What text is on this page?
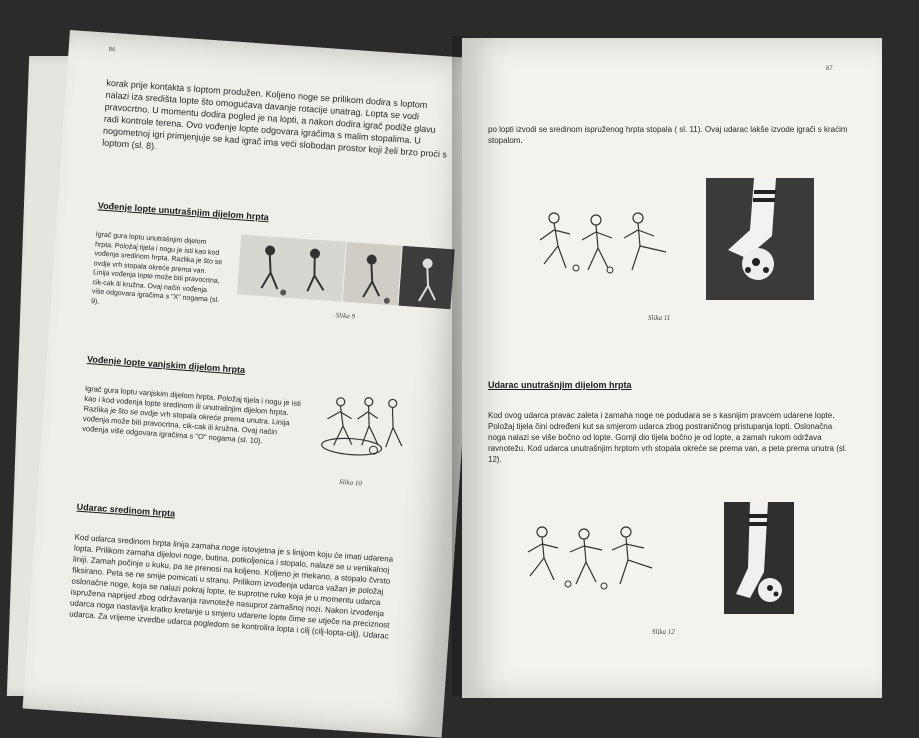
86
korak prije kontakta s loptom produžen. Koljeno noge se prilikom dodira s loptom nalazi iza središta lopte što omogućava davanje rotacije unatrag. Lopta se vodi pravocrtno. U momentu dodira pogled je na lopti, a nakon dodira igrač podiže glavu radi kontrole terena. Ovo vođenje lopte odgovara igračima s malim stopalima. U nogometnoj igri primjenjuje se kad igrač ima veći slobodan prostor koji želi brzo proći s loptom (sl. 8).
Vođenje lopte unutrašnjim dijelom hrpta
Igrač gura loptu unutrašnjim dijelom hrpta. Položaj tijela i nogu je isti kao kod vođenja sredinom hrpta. Razlika je što se ovdje vrh stopala okreće prema van. Linija vođenja lopte može biti pravocrtna, cik-cak ili kružna. Ovaj način vođenja više odgovara igračima s "X" nogama (sl. 9).
Slika 9
Vođenje lopte vanjskim dijelom hrpta
Igrač gura loptu vanjskim dijelom hrpta. Položaj tijela i nogu je isti kao i kod vođenja lopte sredinom ili unutrašnjim dijelom hrpta. Razlika je što se ovdje vrh stopala okreće prema unutra. Linija vođenja može biti pravocrtna, cik-cak ili kružna. Ovaj način vođenja više odgovara igračima s "O" nogama (sl. 10).
Slika 10
Udarac sredinom hrpta
Kod udarca sredinom hrpta linija zamaha noge istovjetna je s linijom koju će imati udarena lopta. Prilikom zamaha dijelovi noge, butina, potkoljenica i stopalo, nalaze se u vertikalnoj liniji. Zamah počinje u kuku, pa se prenosi na koljeno. Koljeno je mekano, a stopalo čvrsto fiksirano. Peta se ne smije pomicati u stranu. Prilikom izvođenja udarca važan je položaj oslonačne noge, koja se nalazi pokraj lopte, te suprotne ruke koja je u momentu udarca ispružena naprijed zbog održavanja ravnoteže nasuprot zamašnoj nozi. Nakon izvođenja udarca noga nastavlja kratko kretanje u smjeru udarene lopte čime se utječe na preciznost udarca. Za vrijeme izvedbe udarca pogledom se kontrolira lopta i cilj (cilj-lopta-cilj). Udarac
87
po lopti izvodi se sredinom ispruženog hrpta stopala ( sl. 11). Ovaj udarac lakše izvode igrači s kraćim stopalom.
Slika 11
Udarac unutrašnjim dijelom hrpta
Kod ovog udarca pravac zaleta i zamaha noge ne podudara se s kasnijim pravcem udarene lopte. Položaj tijela čini određeni kut sa smjerom udarca zbog postraničnog pristupanja lopti. Oslonačna noga nalazi se više bočno od lopte. Gornji dio tijela bočno je od lopte, a zamah rukom održava ravnotežu. Kod udarca unutrašnjim hrptom vrh stopala okreće se prema van, a peta prema unutra (sl. 12).
Slika 12
